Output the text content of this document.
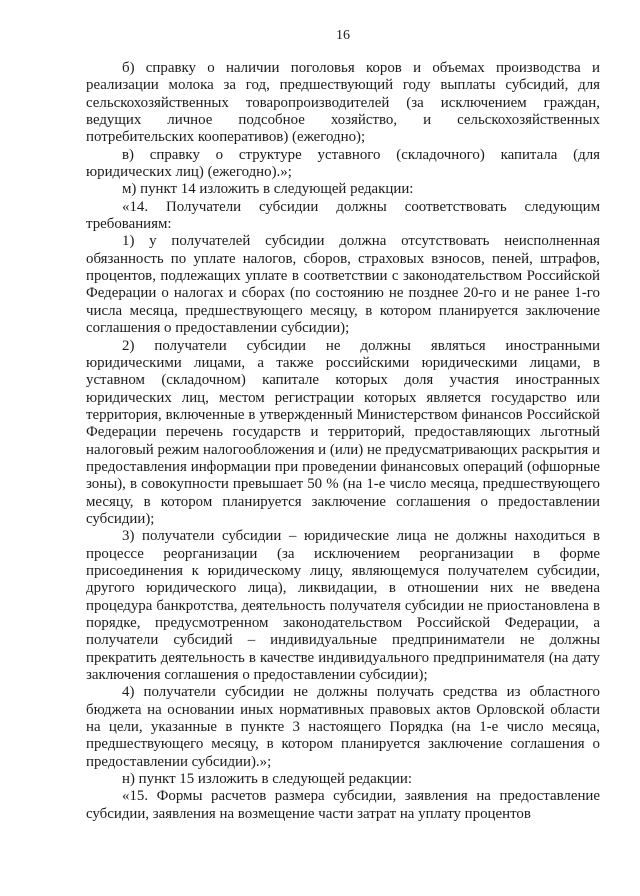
16

б) справку о наличии поголовья коров и объемах производства и реализации молока за год, предшествующий году выплаты субсидий, для сельскохозяйственных товаропроизводителей (за исключением граждан, ведущих личное подсобное хозяйство, и сельскохозяйственных потребительских кооперативов) (ежегодно);

в) справку о структуре уставного (складочного) капитала (для юридических лиц) (ежегодно).»;

м) пункт 14 изложить в следующей редакции:

«14. Получатели субсидии должны соответствовать следующим требованиям:

1) у получателей субсидии должна отсутствовать неисполненная обязанность по уплате налогов, сборов, страховых взносов, пеней, штрафов, процентов, подлежащих уплате в соответствии с законодательством Российской Федерации о налогах и сборах (по состоянию не позднее 20-го и не ранее 1-го числа месяца, предшествующего месяцу, в котором планируется заключение соглашения о предоставлении субсидии);

2) получатели субсидии не должны являться иностранными юридическими лицами, а также российскими юридическими лицами, в уставном (складочном) капитале которых доля участия иностранных юридических лиц, местом регистрации которых является государство или территория, включенные в утвержденный Министерством финансов Российской Федерации перечень государств и территорий, предоставляющих льготный налоговый режим налогообложения и (или) не предусматривающих раскрытия и предоставления информации при проведении финансовых операций (офшорные зоны), в совокупности превышает 50 % (на 1-е число месяца, предшествующего месяцу, в котором планируется заключение соглашения о предоставлении субсидии);

3) получатели субсидии – юридические лица не должны находиться в процессе реорганизации (за исключением реорганизации в форме присоединения к юридическому лицу, являющемуся получателем субсидии, другого юридического лица), ликвидации, в отношении них не введена процедура банкротства, деятельность получателя субсидии не приостановлена в порядке, предусмотренном законодательством Российской Федерации, а получатели субсидий – индивидуальные предприниматели не должны прекратить деятельность в качестве индивидуального предпринимателя (на дату заключения соглашения о предоставлении субсидии);

4) получатели субсидии не должны получать средства из областного бюджета на основании иных нормативных правовых актов Орловской области на цели, указанные в пункте 3 настоящего Порядка (на 1-е число месяца, предшествующего месяцу, в котором планируется заключение соглашения о предоставлении субсидии).»;

н) пункт 15 изложить в следующей редакции:

«15. Формы расчетов размера субсидии, заявления на предоставление субсидии, заявления на возмещение части затрат на уплату процентов
